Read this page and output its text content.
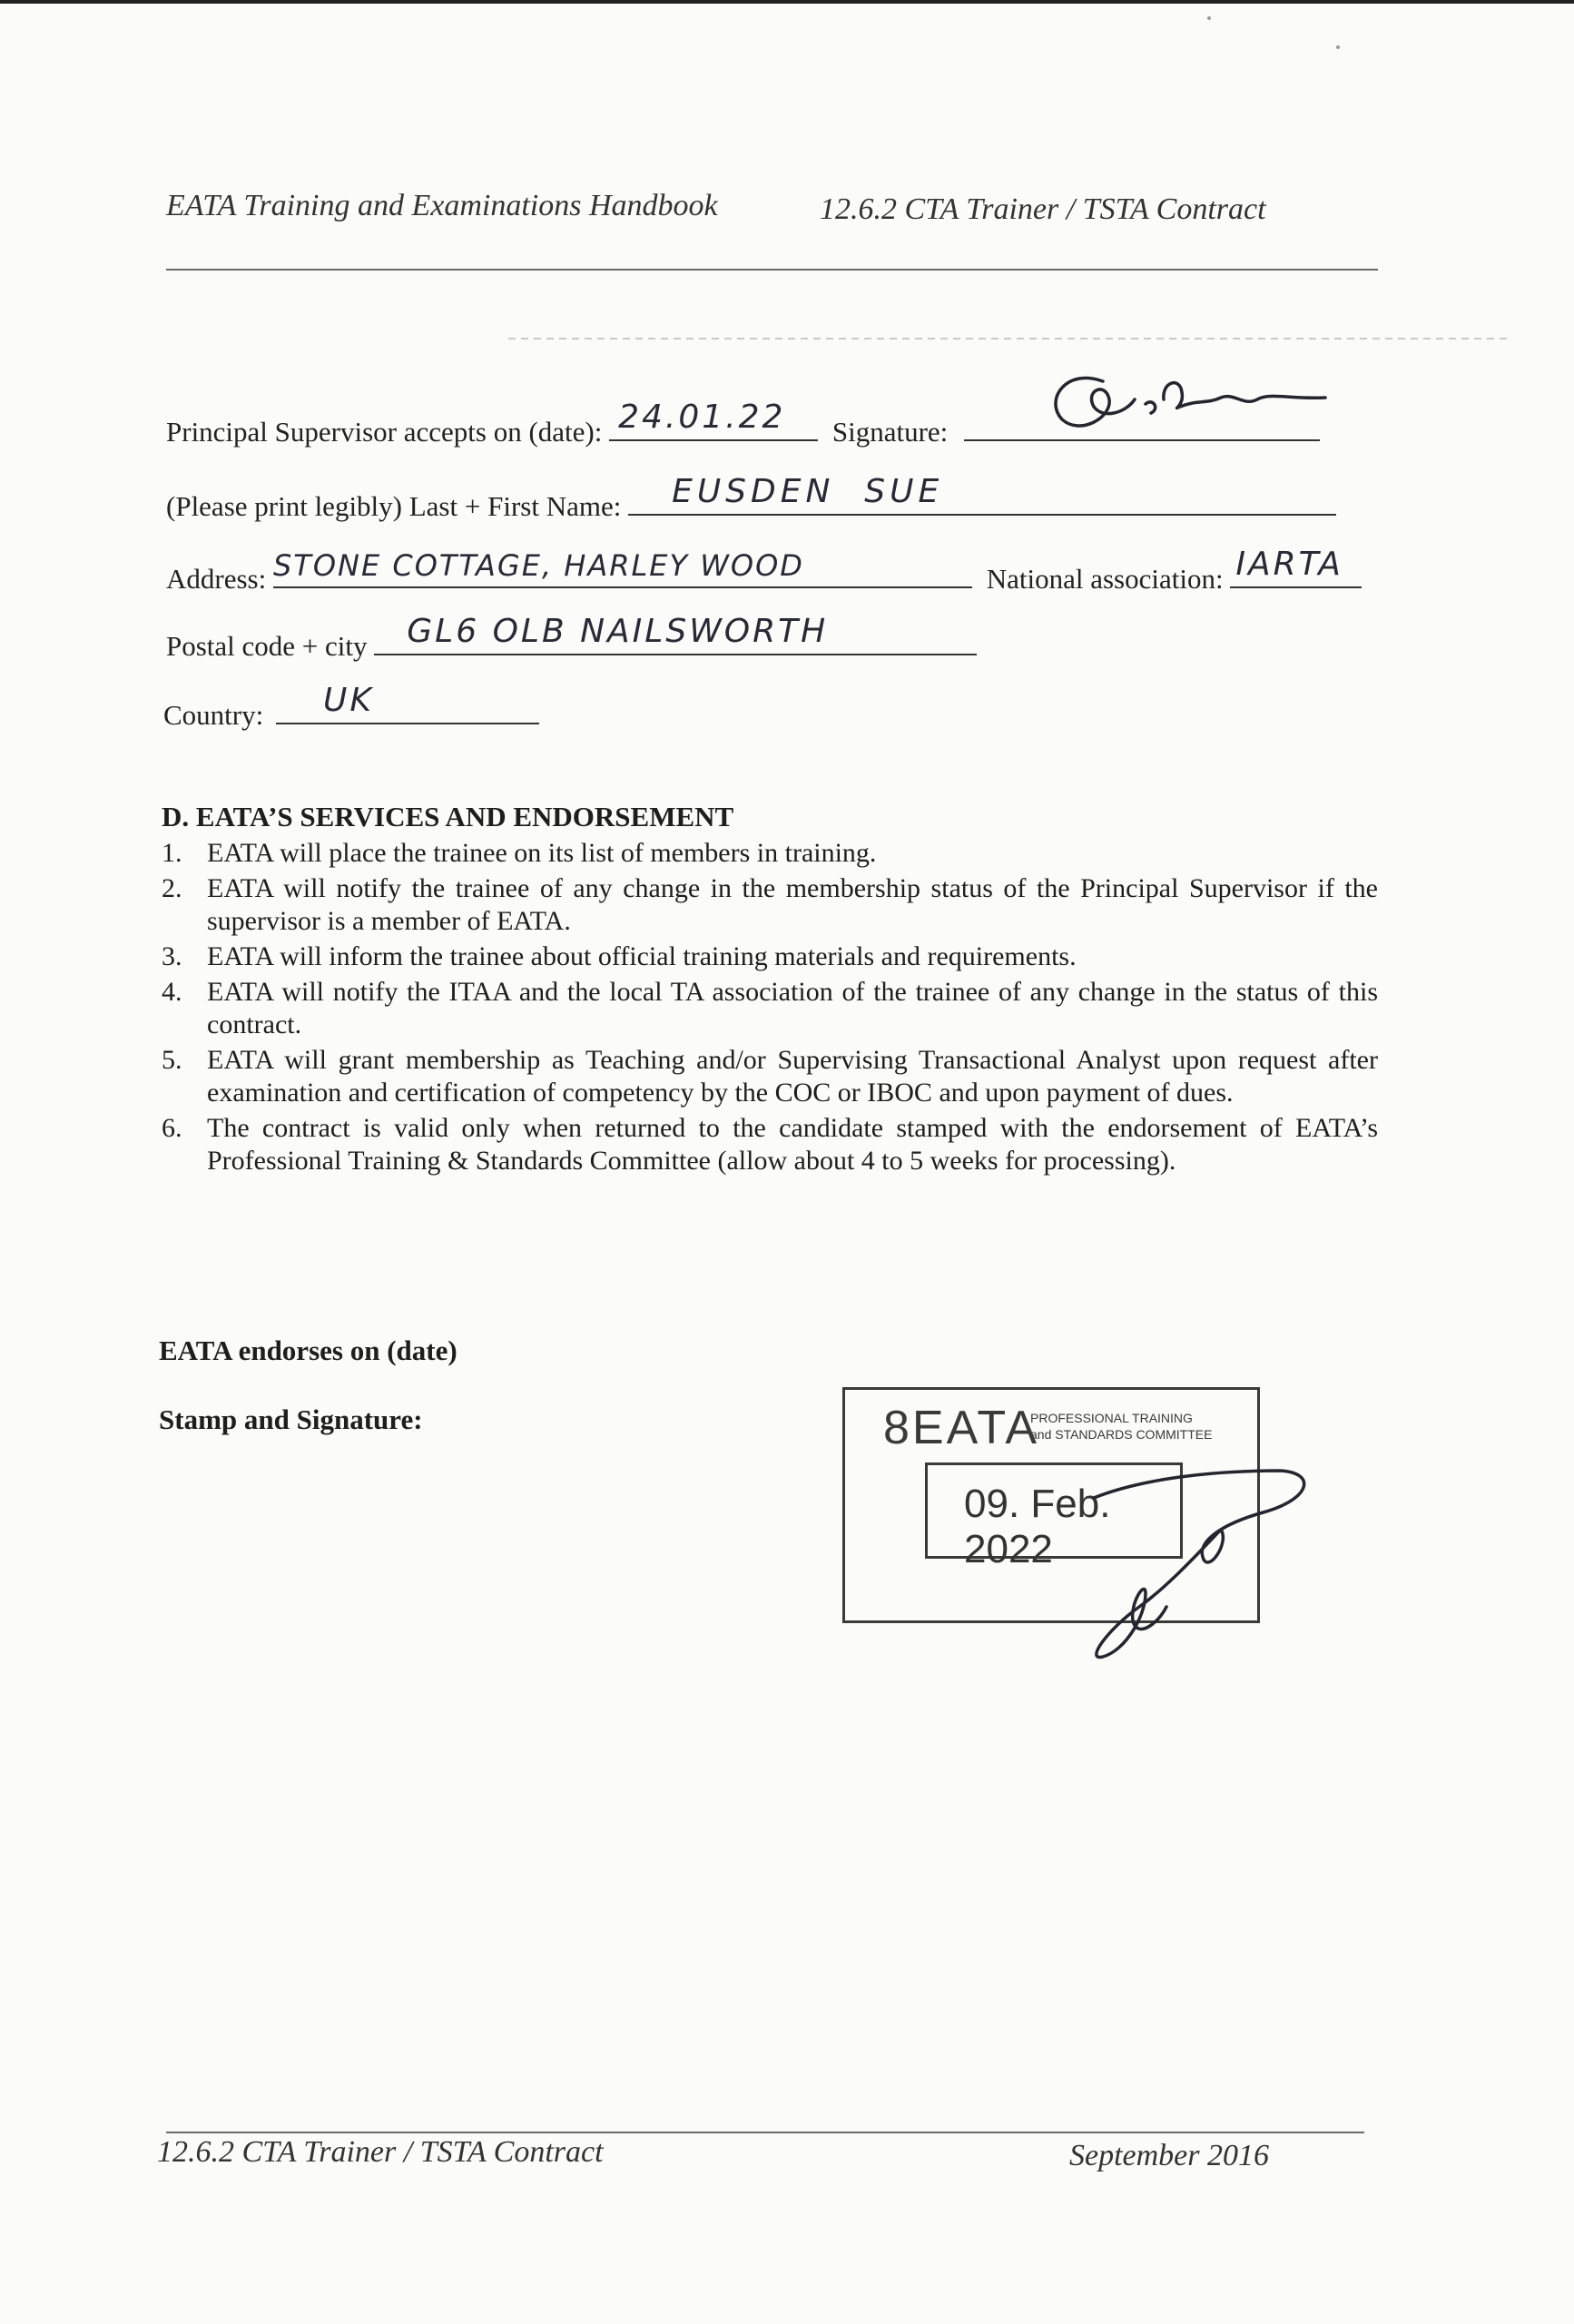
EATA Training and Examinations Handbook	12.6.2 CTA Trainer / TSTA Contract
Principal Supervisor accepts on (date): 24.01.22 Signature:
(Please print legibly) Last + First Name: EUSDEN  SUE
Address: STONE COTTAGE, HARLEY WOOD	National association: IARTA
Postal code + city GL6 OLB NAILSWORTH
Country: UK
D. EATA’S SERVICES AND ENDORSEMENT
1. EATA will place the trainee on its list of members in training.
2. EATA will notify the trainee of any change in the membership status of the Principal Supervisor if the supervisor is a member of EATA.
3. EATA will inform the trainee about official training materials and requirements.
4. EATA will notify the ITAA and the local TA association of the trainee of any change in the status of this contract.
5. EATA will grant membership as Teaching and/or Supervising Transactional Analyst upon request after examination and certification of competency by the COC or IBOC and upon payment of dues.
6. The contract is valid only when returned to the candidate stamped with the endorsement of EATA’s Professional Training & Standards Committee (allow about 4 to 5 weeks for processing).
EATA endorses on (date)
Stamp and Signature:	8EATA
PROFESSIONAL TRAINING
and STANDARDS COMMITTEE
09. Feb. 2022
12.6.2 CTA Trainer / TSTA Contract	September 2016
